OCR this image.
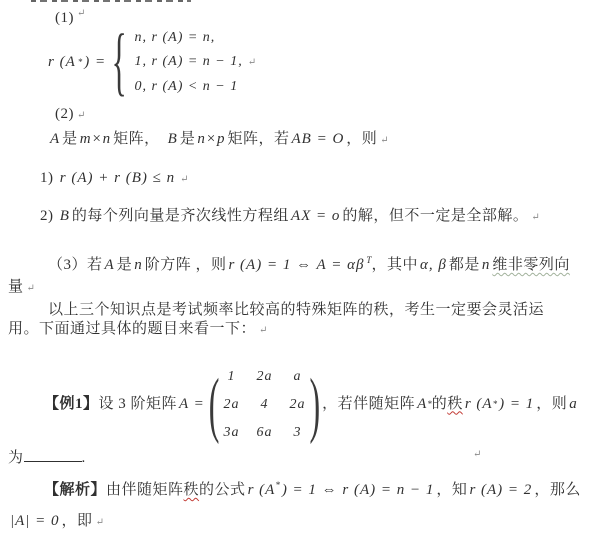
(1) ↵
r (A * ) = { n, r (A) = n,
1, r (A) = n − 1, ↵
0, r (A) < n − 1
(2) ↵
A 是 m×n 矩阵， B 是 n×p 矩阵，若 AB = O ，则 ↵
1) r (A) + r (B) ≤ n ↵
2) B 的每个列向量是齐次线性方程组 AX = o 的解，但不一定是全部解。 ↵
（3）若 A 是 n 阶方阵 ，则 r (A) = 1 ⇔ A = αβ $^T$，其中 α, β 都是 n 维非零列向
量 ↵
以上三个知识点是考试频率比较高的特殊矩阵的秩，考生一定要会灵活运
用。下面通过具体的题目来看一下： ↵
【例1】 设 3 阶矩阵 A = ( 1 2a a
2a 4 2a
3a 6a 3 ) ，若伴随矩阵 A * 的 秩 r (A * ) = 1 ，则 a
为	.	↵
【解析】由伴随矩阵秩的公式 r (A* ) = 1 ⇔ r (A) = n − 1 ，知 r (A) = 2 ，那么
|A| = 0 ，即 ↵
